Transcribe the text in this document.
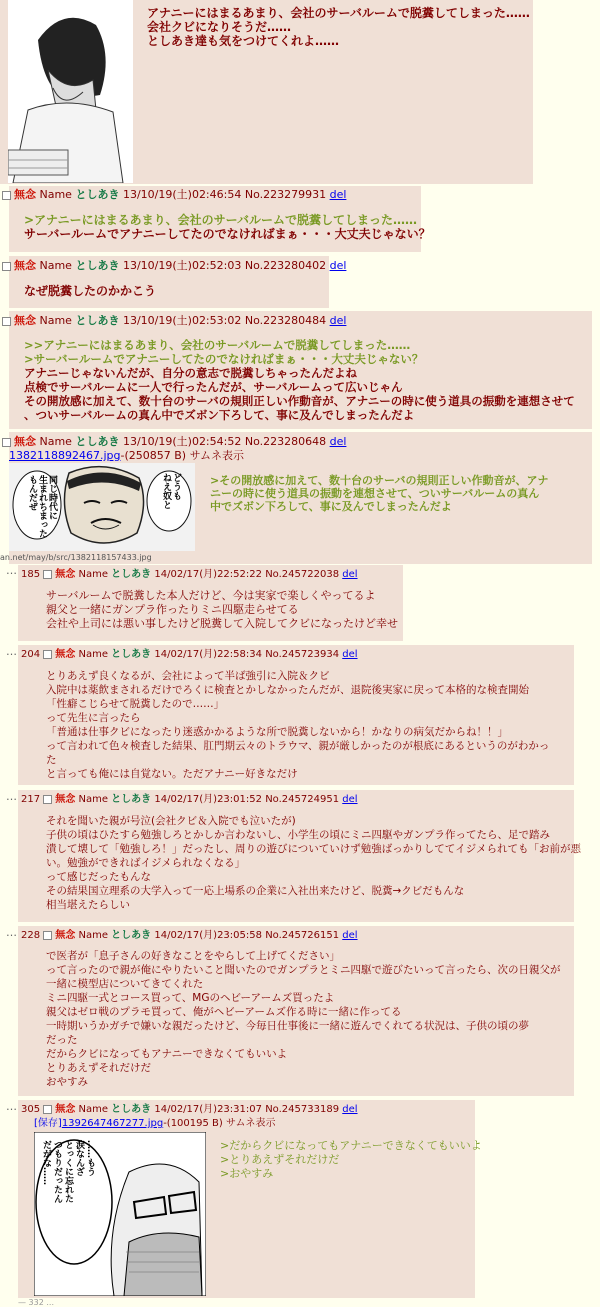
アナニーにはまるあまり、会社のサーバルームで脱糞してしまった……
会社クビになりそうだ……
としあき達も気をつけてくれよ……
無念 Name としあき 13/10/19(土)02:46:54 No.223279931 del
>アナニーにはまるあまり、会社のサーバルームで脱糞してしまった……
サーバールームでアナニーしてたのでなければまぁ・・・大丈夫じゃない？
無念 Name としあき 13/10/19(土)02:52:03 No.223280402 del
なぜ脱糞したのかかこう
無念 Name としあき 13/10/19(土)02:53:02 No.223280484 del
>>アナニーにはまるあまり、会社のサーバルームで脱糞してしまった……
>サーバールームでアナニーしてたのでなければまぁ・・・大丈夫じゃない？
アナニーじゃないんだが、自分の意志で脱糞しちゃったんだよね
点検でサーバルームに一人で行ったんだが、サーバルームって広いじゃん
その開放感に加えて、数十台のサーバの規則正しい作動音が、アナニーの時に使う道具の振動を連想させて
、ついサーバルームの真ん中でズボン下ろして、事に及んでしまったんだよ
無念 Name としあき 13/10/19(土)02:54:52 No.223280648 del
1382118892467.jpg-(250857 B) サムネ表示
同じ時代に
生まれちまった
もんだぜ	どうも
ねえ奴と
an.net/may/b/src/1382118157433.jpg
>その開放感に加えて、数十台のサーバの規則正しい作動音が、アナ
ニーの時に使う道具の振動を連想させて、ついサーバルームの真ん
中でズボン下ろして、事に及んでしまったんだよ
… 185 無念 Name としあき 14/02/17(月)22:52:22 No.245722038 del
サーバルームで脱糞した本人だけど、今は実家で楽しくやってるよ
親父と一緒にガンプラ作ったりミニ四駆走らせてる
会社や上司には悪い事したけど脱糞して入院してクビになったけど幸せ
… 204 無念 Name としあき 14/02/17(月)22:58:34 No.245723934 del
とりあえず良くなるが、会社によって半ば強引に入院＆クビ
入院中は薬飲まされるだけでろくに検査とかしなかったんだが、退院後実家に戻って本格的な検査開始
「性癖こじらせて脱糞したので……」
って先生に言ったら
「普通は仕事クビになったり迷惑かかるような所で脱糞しないから！かなりの病気だからね！！」
って言われて色々検査した結果、肛門期云々のトラウマ、親が厳しかったのが根底にあるというのがわかっ
た
と言っても俺には自覚ない。ただアナニー好きなだけ
… 217 無念 Name としあき 14/02/17(月)23:01:52 No.245724951 del
それを聞いた親が号泣(会社クビ＆入院でも泣いたが)
子供の頃はひたすら勉強しろとかしか言わないし、小学生の頃にミニ四駆やガンプラ作ってたら、足で踏み
潰して壊して「勉強しろ！」だったし、周りの遊びについていけず勉強ばっかりしててイジメられても「お前が悪
い。勉強ができればイジメられなくなる」
って感じだったもんな
その結果国立理系の大学入って一応上場系の企業に入社出来たけど、脱糞→クビだもんな
相当堪えたらしい
… 228 無念 Name としあき 14/02/17(月)23:05:58 No.245726151 del
で医者が「息子さんの好きなことをやらして上げてください」
って言ったので親が俺にやりたいこと聞いたのでガンプラとミニ四駆で遊びたいって言ったら、次の日親父が
一緒に模型店についてきてくれた
ミニ四駆一式とコース買って、MGのヘビーアームズ買ったよ
親父はゼロ戦のプラモ買って、俺がヘビーアームズ作る時に一緒に作ってる
一時期いうかガチで嫌いな親だったけど、今毎日仕事後に一緒に遊んでくれてる状況は、子供の頃の夢
だった
だからクビになってもアナニーできなくてもいいよ
とりあえずそれだけだ
おやすみ
… 305 無念 Name としあき 14/02/17(月)23:31:07 No.245733189 del
[保存]1392647467277.jpg-(100195 B) サムネ表示
……もう
涙なんざ
とっくに忘れた
つもりだったん
だがな……	>だからクビになってもアナニーできなくてもいいよ
>とりあえずそれだけだ
>おやすみ
— 332 ...
